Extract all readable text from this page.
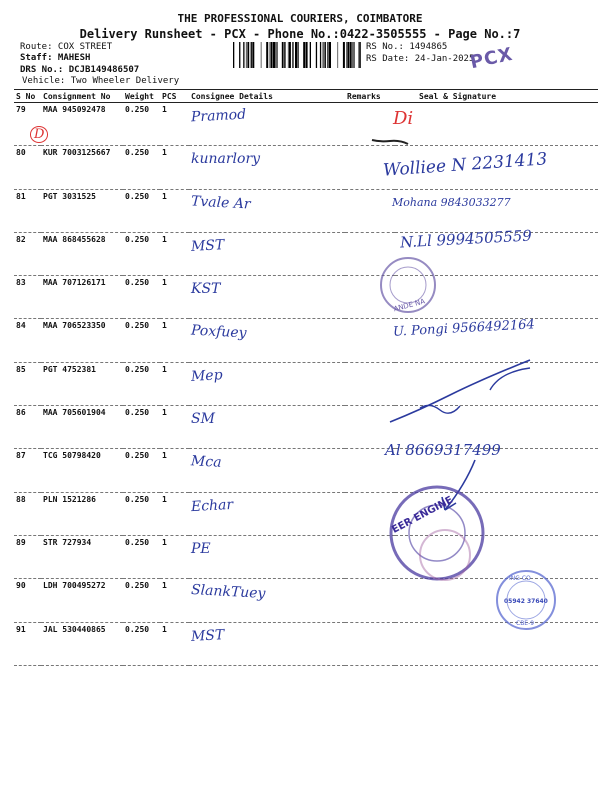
THE PROFESSIONAL COURIERS, COIMBATORE
Delivery Runsheet - PCX - Phone No.:0422-3505555 - Page No.:7
Route: COX STREET
Staff: MAHESH
DRS No.: DCJB149486507
Vehicle: Two Wheeler Delivery
RS No.: 1494865
RS Date: 24-Jan-2025
PCX
S No	Consignment No	Weight	PCS	Consignee Details	Remarks	Seal & Signature
79	MAA 945092478	0.250	1	Pramod		
80	KUR 7003125667	0.250	1	kunarlory		
81	PGT 3031525	0.250	1	Tvale Ar		
82	MAA 868455628	0.250	1	MST		
83	MAA 707126171	0.250	1	KST		
84	MAA 706523350	0.250	1	Poxfuey		
85	PGT 4752381	0.250	1	Mep		
86	MAA 705601904	0.250	1	SM		
87	TCG 50798420	0.250	1	Mca		
88	PLN 1521286	0.250	1	Echar		
89	STR 727934	0.250	1	PE		
90	LDH 700495272	0.250	1	SlankTuey		
91	JAL 530440865	0.250	1	MST		
Di
D
Wolliee N 2231413
Mohana 9843033277
N.Ll 9994505559
U. Pongi 9566492164
Al 8669317499
ANDE NA
EER ENGINE
ING CO
05942 37640
CBE-9
